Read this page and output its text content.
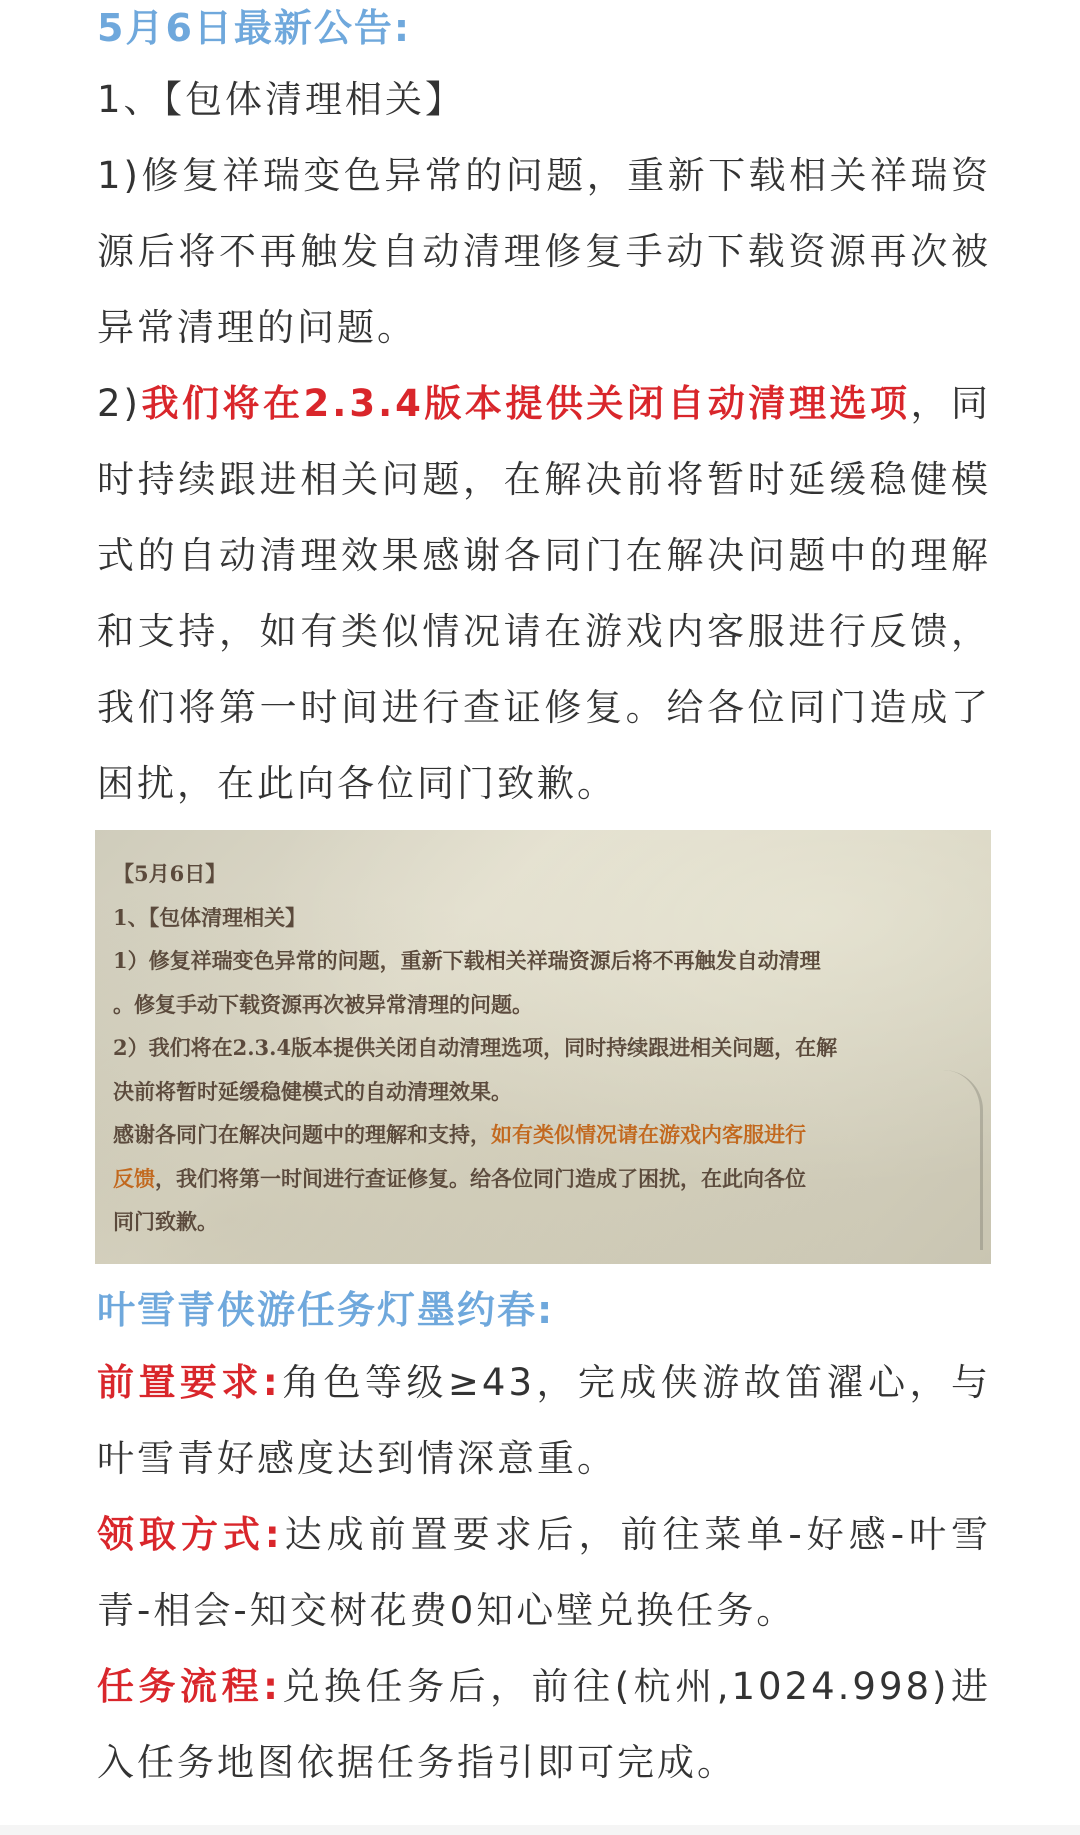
5月6日最新公告:
1、【包体清理相关】
1)修复祥瑞变色异常的问题，重新下载相关祥瑞资源后将不再触发自动清理修复手动下载资源再次被异常清理的问题。
2)我们将在2.3.4版本提供关闭自动清理选项，同时持续跟进相关问题，在解决前将暂时延缓稳健模式的自动清理效果感谢各同门在解决问题中的理解和支持，如有类似情况请在游戏内客服进行反馈，我们将第一时间进行查证修复。给各位同门造成了困扰，在此向各位同门致歉。
【5月6日】
1、【包体清理相关】
1）修复祥瑞变色异常的问题，重新下载相关祥瑞资源后将不再触发自动清理
。修复手动下载资源再次被异常清理的问题。
2）我们将在2.3.4版本提供关闭自动清理选项，同时持续跟进相关问题，在解
决前将暂时延缓稳健模式的自动清理效果。
感谢各同门在解决问题中的理解和支持，如有类似情况请在游戏内客服进行
反馈，我们将第一时间进行查证修复。给各位同门造成了困扰，在此向各位
同门致歉。
叶雪青侠游任务灯墨约春:
前置要求:角色等级≥43，完成侠游故笛濯心，与叶雪青好感度达到情深意重。
领取方式:达成前置要求后，前往菜单-好感-叶雪青-相会-知交树花费0知心壁兑换任务。
任务流程:兑换任务后，前往(杭州,1024.998)进入任务地图依据任务指引即可完成。
